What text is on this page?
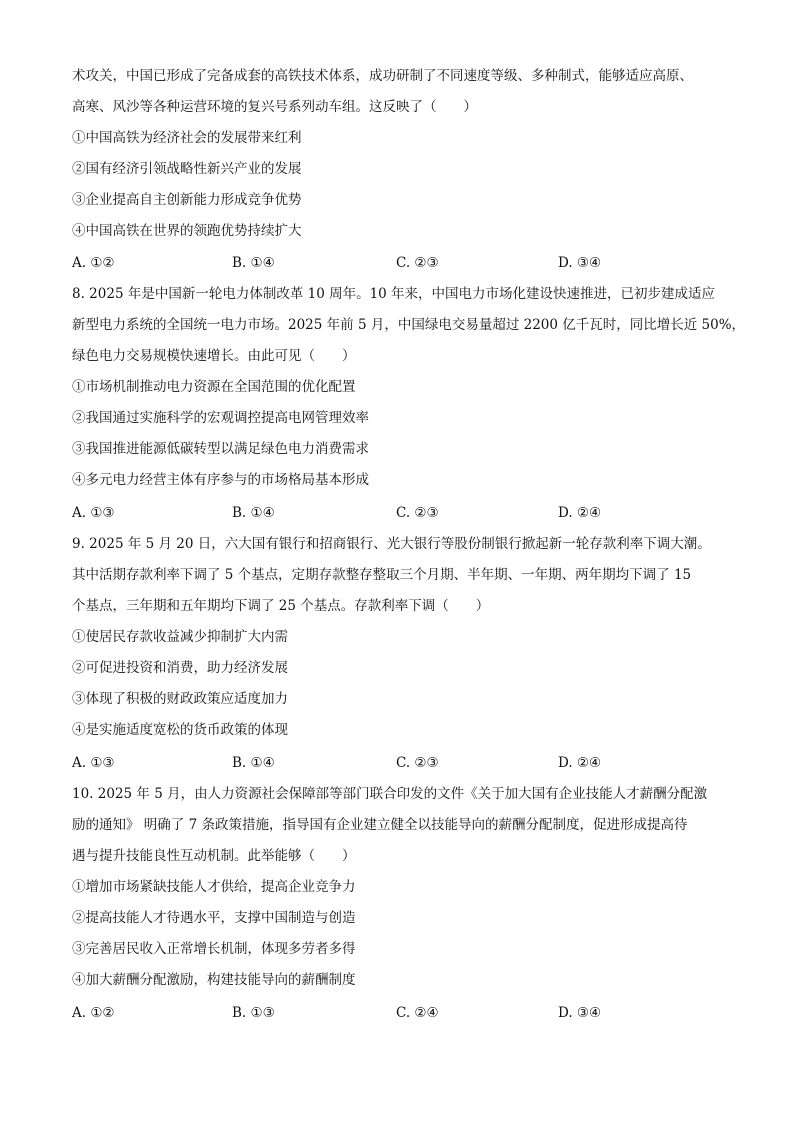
术攻关，中国已形成了完备成套的高铁技术体系，成功研制了不同速度等级、多种制式，能够适应高原、
高寒、风沙等各种运营环境的复兴号系列动车组。这反映了（　　）
①中国高铁为经济社会的发展带来红利
②国有经济引领战略性新兴产业的发展
③企业提高自主创新能力形成竞争优势
④中国高铁在世界的领跑优势持续扩大
A. ①②	B. ①④	C. ②③	D. ③④
8. 2025 年是中国新一轮电力体制改革 10 周年。10 年来，中国电力市场化建设快速推进，已初步建成适应
新型电力系统的全国统一电力市场。2025 年前 5 月，中国绿电交易量超过 2200 亿千瓦时，同比增长近 50%，
绿色电力交易规模快速增长。由此可见（　　）
①市场机制推动电力资源在全国范围的优化配置
②我国通过实施科学的宏观调控提高电网管理效率
③我国推进能源低碳转型以满足绿色电力消费需求
④多元电力经营主体有序参与的市场格局基本形成
A. ①③	B. ①④	C. ②③	D. ②④
9. 2025 年 5 月 20 日，六大国有银行和招商银行、光大银行等股份制银行掀起新一轮存款利率下调大潮。
其中活期存款利率下调了 5 个基点，定期存款整存整取三个月期、半年期、一年期、两年期均下调了 15
个基点，三年期和五年期均下调了 25 个基点。存款利率下调（　　）
①使居民存款收益减少抑制扩大内需
②可促进投资和消费，助力经济发展
③体现了积极的财政政策应适度加力
④是实施适度宽松的货币政策的体现
A. ①③	B. ①④	C. ②③	D. ②④
10. 2025 年 5 月，由人力资源社会保障部等部门联合印发的文件《关于加大国有企业技能人才薪酬分配激
励的通知》 明确了 7 条政策措施，指导国有企业建立健全以技能导向的薪酬分配制度，促进形成提高待
遇与提升技能良性互动机制。此举能够（　　）
①增加市场紧缺技能人才供给，提高企业竞争力
②提高技能人才待遇水平，支撑中国制造与创造
③完善居民收入正常增长机制，体现多劳者多得
④加大薪酬分配激励，构建技能导向的薪酬制度
A. ①②	B. ①③	C. ②④	D. ③④
